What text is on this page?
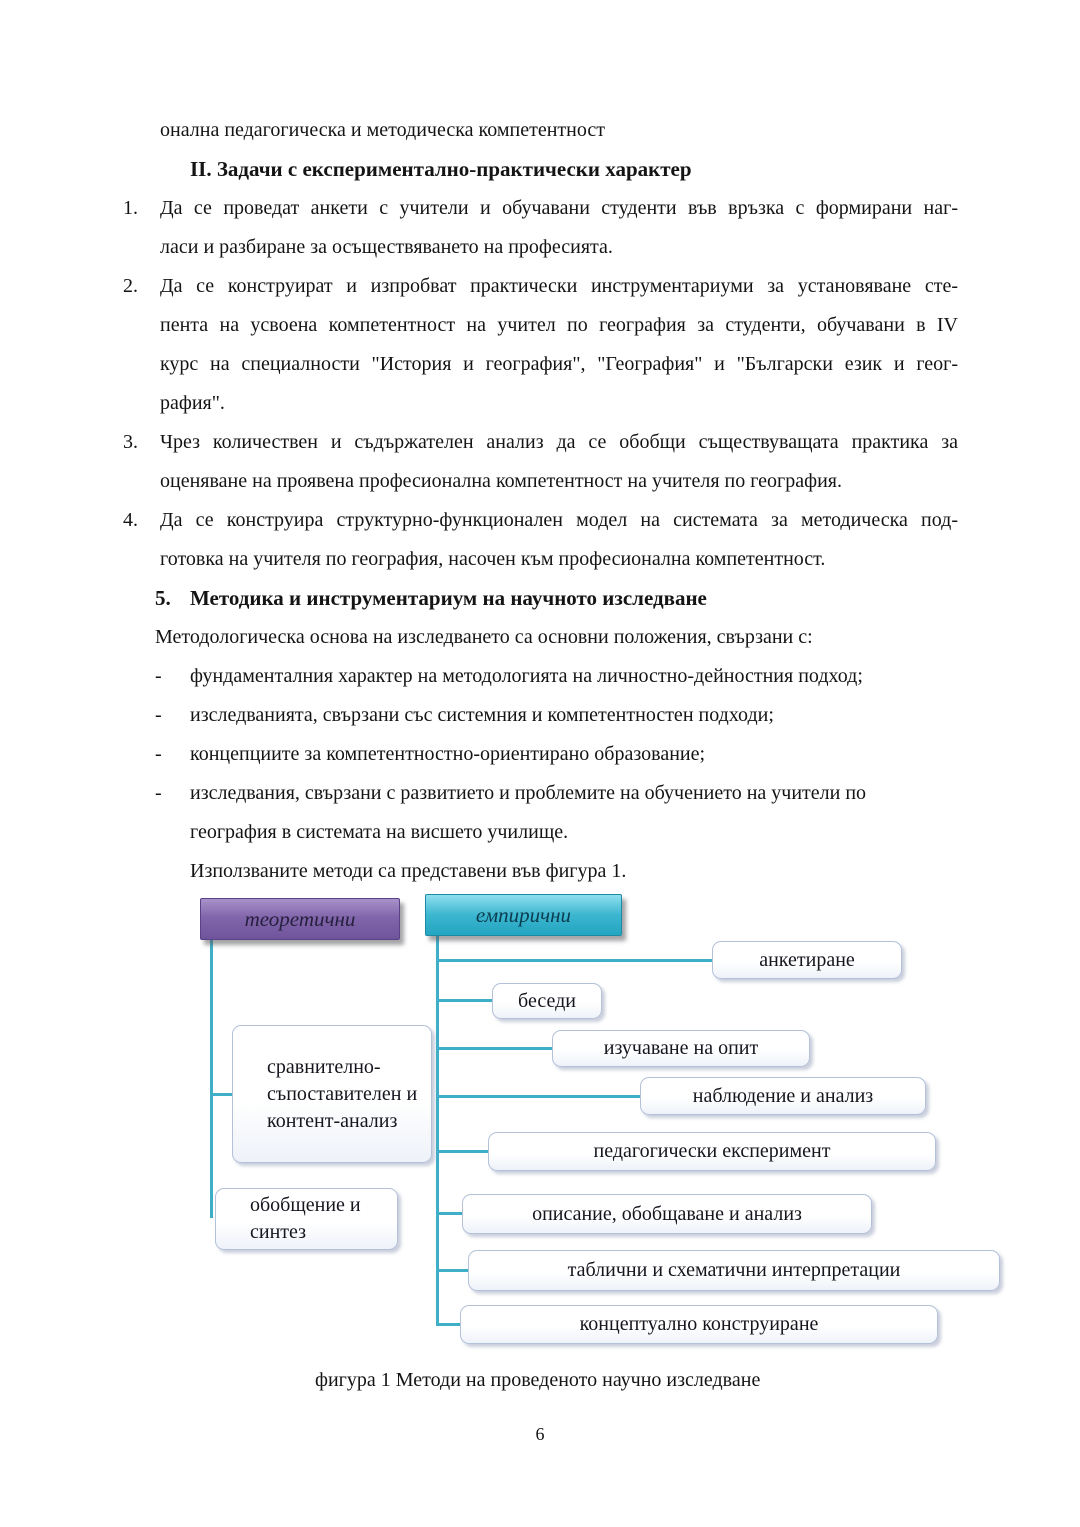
онална педагогическа и методическа компетентност
II. Задачи с експериментално-практически характер
1. Да се проведат анкети с учители и обучавани студенти във връзка с формирани наг-
ласи и разбиране за осъществяването на професията.
2. Да се конструират и изпробват практически инструментариуми за установяване сте-
пента на усвоена компетентност на учител по география за студенти, обучавани в IV
курс на специалности "История и география", "География" и "Български език и геог-
рафия".
3. Чрез количествен и съдържателен анализ да се обобщи съществуващата практика за
оценяване на проявена професионална компетентност на учителя по география.
4. Да се конструира структурно-функционален модел на системата за методическа под-
готовка на учителя по география, насочен към професионална компетентност.
5. Методика и инструментариум на научното изследване
Методологическа основа на изследването са основни положения, свързани с:
- фундаменталния характер на методологията на личностно-дейностния подход;
- изследванията, свързани със системния и компетентностен подходи;
- концепциите за компетентностно-ориентирано образование;
- изследвания, свързани с развитието и проблемите на обучението на учители по
география в системата на висшето училище.
Използваните методи са представени във фигура 1.
теоретични	емпирични
сравнително-
съпоставителен и
контент-анализ
обобщение и
синтез
анкетиране
беседи
изучаване на опит
наблюдение и анализ
педагогически експеримент
описание, обобщаване и анализ
таблични и схематични интерпретации
концептуално конструиране
фигура 1 Методи на проведеното научно изследване
6
